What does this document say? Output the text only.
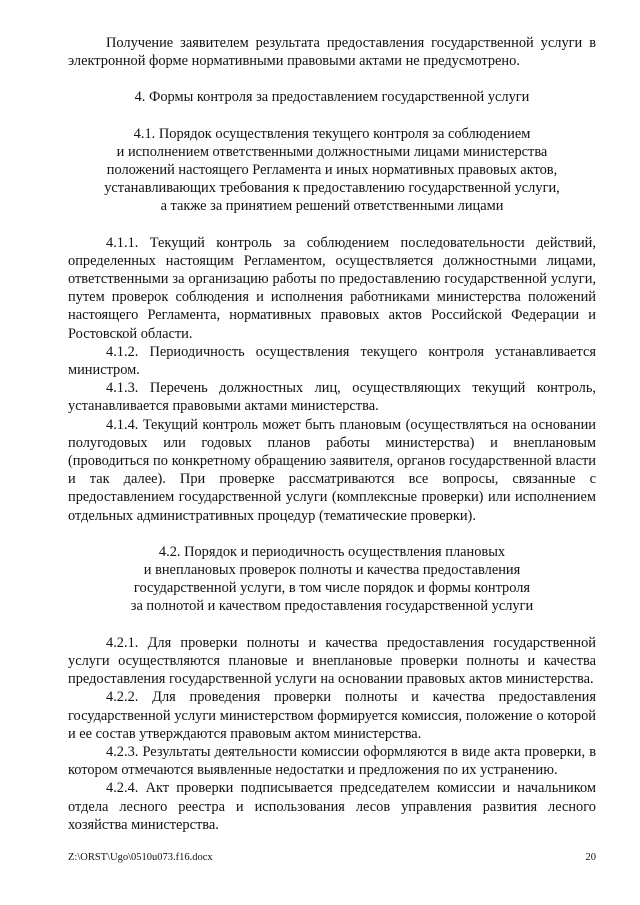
Получение заявителем результата предоставления государственной услуги в электронной форме нормативными правовыми актами не предусмотрено.

4. Формы контроля за предоставлением государственной услуги

4.1. Порядок осуществления текущего контроля за соблюдением

и исполнением ответственными должностными лицами министерства

положений настоящего Регламента и иных нормативных правовых актов,

устанавливающих требования к предоставлению государственной услуги,

а также за принятием решений ответственными лицами

4.1.1. Текущий контроль за соблюдением последовательности действий, определенных настоящим Регламентом, осуществляется должностными лицами, ответственными за организацию работы по предоставлению государственной услуги, путем проверок соблюдения и исполнения работниками министерства положений настоящего Регламента, нормативных правовых актов Российской Федерации и Ростовской области.

4.1.2. Периодичность осуществления текущего контроля устанавливается министром.

4.1.3. Перечень должностных лиц, осуществляющих текущий контроль, устанавливается правовыми актами министерства.

4.1.4. Текущий контроль может быть плановым (осуществляться на основании полугодовых или годовых планов работы министерства) и внеплановым (проводиться по конкретному обращению заявителя, органов государственной власти и так далее). При проверке рассматриваются все вопросы, связанные с предоставлением государственной услуги (комплексные проверки) или исполнением отдельных административных процедур (тематические проверки).

4.2. Порядок и периодичность осуществления плановых

и внеплановых проверок полноты и качества предоставления

государственной услуги, в том числе порядок и формы контроля

за полнотой и качеством предоставления государственной услуги

4.2.1. Для проверки полноты и качества предоставления государственной услуги осуществляются плановые и внеплановые проверки полноты и качества предоставления государственной услуги на основании правовых актов министерства.

4.2.2. Для проведения проверки полноты и качества предоставления государственной услуги министерством формируется комиссия, положение о которой и ее состав утверждаются правовым актом министерства.

4.2.3. Результаты деятельности комиссии оформляются в виде акта проверки, в котором отмечаются выявленные недостатки и предложения по их устранению.

4.2.4. Акт проверки подписывается председателем комиссии и начальником отдела лесного реестра и использования лесов управления развития лесного хозяйства министерства.

Z:\ORST\Ugo\0510u073.f16.docx	20
